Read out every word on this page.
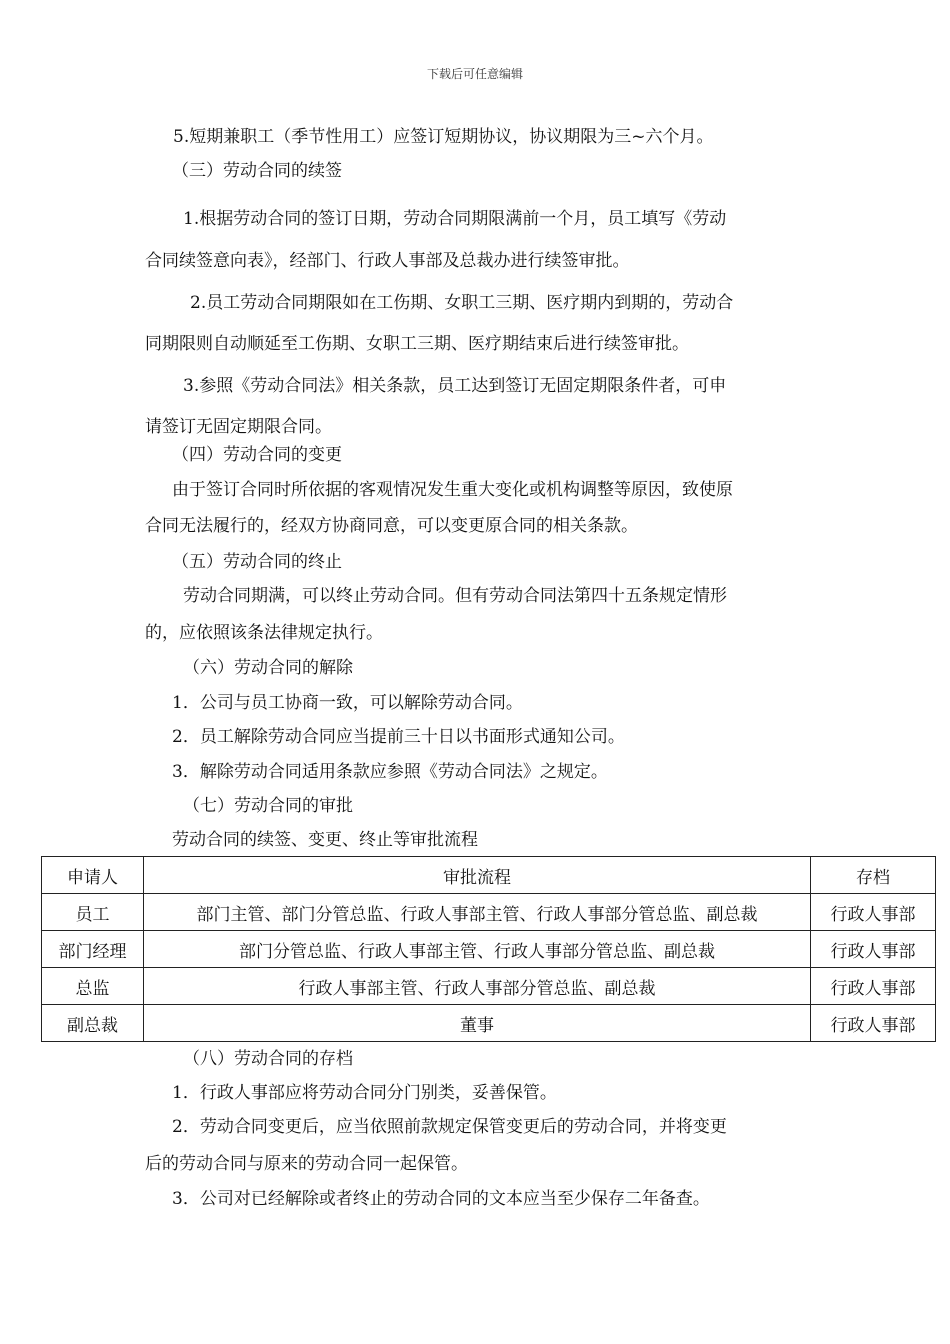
下载后可任意编辑
5.短期兼职工（季节性用工）应签订短期协议，协议期限为三~六个月。
（三）劳动合同的续签
1.根据劳动合同的签订日期，劳动合同期限满前一个月，员工填写《劳动
合同续签意向表》，经部门、行政人事部及总裁办进行续签审批。
2.员工劳动合同期限如在工伤期、女职工三期、医疗期内到期的，劳动合
同期限则自动顺延至工伤期、女职工三期、医疗期结束后进行续签审批。
3.参照《劳动合同法》相关条款，员工达到签订无固定期限条件者，可申
请签订无固定期限合同。
（四）劳动合同的变更
由于签订合同时所依据的客观情况发生重大变化或机构调整等原因，致使原
合同无法履行的，经双方协商同意，可以变更原合同的相关条款。
（五）劳动合同的终止
劳动合同期满，可以终止劳动合同。但有劳动合同法第四十五条规定情形
的，应依照该条法律规定执行。
（六）劳动合同的解除
1．公司与员工协商一致，可以解除劳动合同。
2．员工解除劳动合同应当提前三十日以书面形式通知公司。
3．解除劳动合同适用条款应参照《劳动合同法》之规定。
（七）劳动合同的审批
劳动合同的续签、变更、终止等审批流程
申请人	审批流程	存档
员工	部门主管、部门分管总监、行政人事部主管、行政人事部分管总监、副总裁	行政人事部
部门经理	部门分管总监、行政人事部主管、行政人事部分管总监、副总裁	行政人事部
总监	行政人事部主管、行政人事部分管总监、副总裁	行政人事部
副总裁	董事	行政人事部
（八）劳动合同的存档
1．行政人事部应将劳动合同分门别类，妥善保管。
2．劳动合同变更后，应当依照前款规定保管变更后的劳动合同，并将变更
后的劳动合同与原来的劳动合同一起保管。
3．公司对已经解除或者终止的劳动合同的文本应当至少保存二年备查。
